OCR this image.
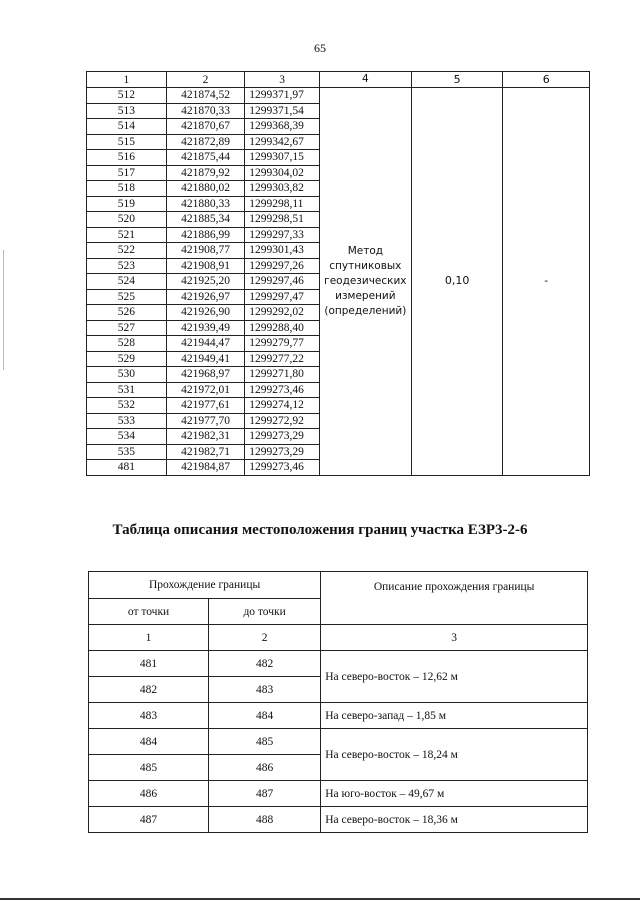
65
1	2	3	4	5	6
512	421874,52	1299371,97	Метод спутниковых геодезических измерений (определений)	0,10	-
513	421870,33	1299371,54			
514	421870,67	1299368,39			
515	421872,89	1299342,67			
516	421875,44	1299307,15			
517	421879,92	1299304,02			
518	421880,02	1299303,82			
519	421880,33	1299298,11			
520	421885,34	1299298,51			
521	421886,99	1299297,33			
522	421908,77	1299301,43			
523	421908,91	1299297,26			
524	421925,20	1299297,46			
525	421926,97	1299297,47			
526	421926,90	1299292,02			
527	421939,49	1299288,40			
528	421944,47	1299279,77			
529	421949,41	1299277,22			
530	421968,97	1299271,80			
531	421972,01	1299273,46			
532	421977,61	1299274,12			
533	421977,70	1299272,92			
534	421982,31	1299273,29			
535	421982,71	1299273,29			
481	421984,87	1299273,46			
Таблица описания местоположения границ участка ЕЗР3-2-6
Прохождение границы		Описание прохождения границы
от точки	до точки	
1	2	3
481	482	На северо-восток – 12,62 м
482	483	
483	484	На северо-запад – 1,85 м
484	485	На северо-восток – 18,24 м
485	486	
486	487	На юго-восток – 49,67 м
487	488	На северо-восток – 18,36 м
